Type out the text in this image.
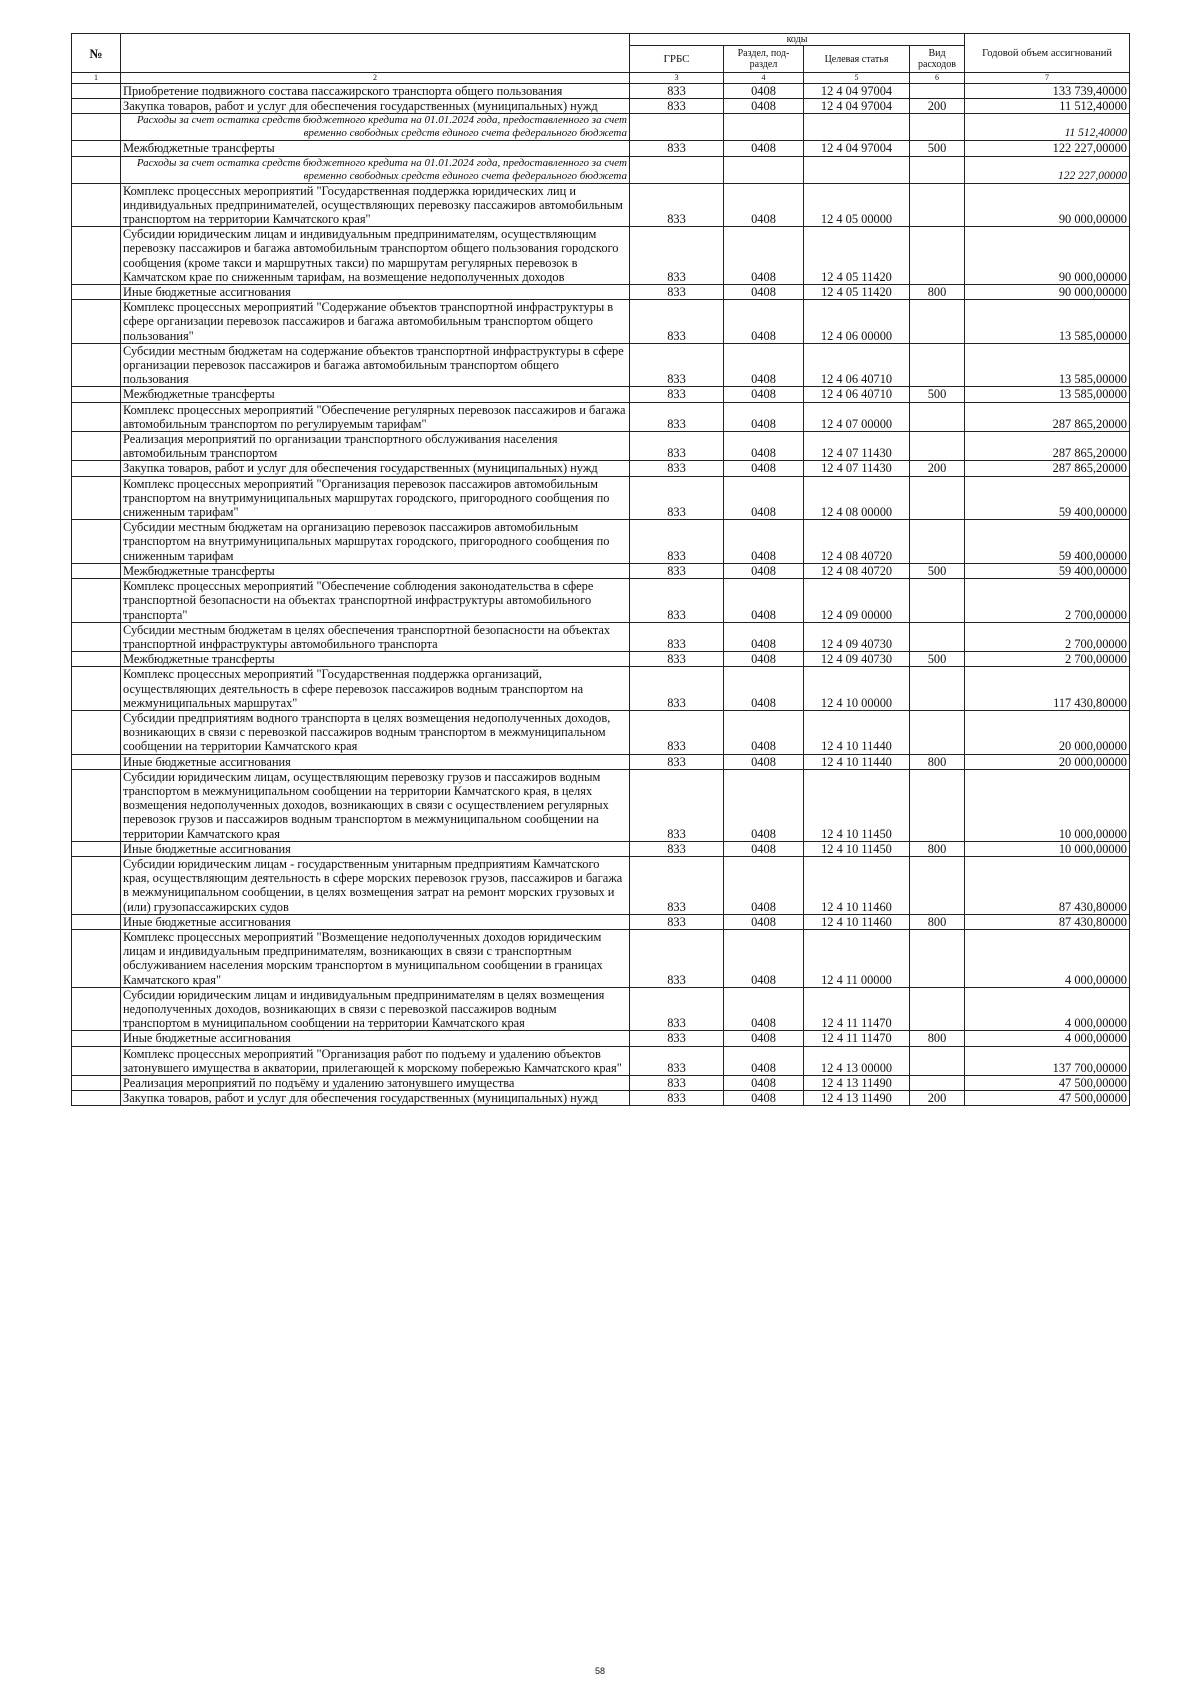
№		коды				Годовой объем ассигнований
		ГРБС	Раздел, под-раздел	Целевая статья	Вид расходов	
1	2	3	4	5	6	7
	Приобретение подвижного состава пассажирского транспорта общего пользования	833	0408	12 4 04 97004		133 739,40000
	Закупка товаров, работ и услуг для обеспечения государственных (муниципальных) нужд	833	0408	12 4 04 97004	200	11 512,40000
	Расходы за счет остатка средств бюджетного кредита на 01.01.2024 года, предоставленного за счет временно свободных средств единого счета федерального бюджета					11 512,40000
	Межбюджетные трансферты	833	0408	12 4 04 97004	500	122 227,00000
	Расходы за счет остатка средств бюджетного кредита на 01.01.2024 года, предоставленного за счет временно свободных средств единого счета федерального бюджета					122 227,00000
	Комплекс процессных мероприятий "Государственная поддержка юридических лиц и индивидуальных предпринимателей, осуществляющих перевозку пассажиров автомобильным транспортом на территории Камчатского края"	833	0408	12 4 05 00000		90 000,00000
	Субсидии юридическим лицам и индивидуальным предпринимателям, осуществляющим перевозку пассажиров и багажа автомобильным транспортом общего пользования городского сообщения (кроме такси и маршрутных такси) по маршрутам регулярных перевозок в Камчатском крае по сниженным тарифам, на возмещение недополученных доходов	833	0408	12 4 05 11420		90 000,00000
	Иные бюджетные ассигнования	833	0408	12 4 05 11420	800	90 000,00000
	Комплекс процессных мероприятий "Содержание объектов транспортной инфраструктуры в сфере организации перевозок пассажиров и багажа автомобильным транспортом общего пользования"	833	0408	12 4 06 00000		13 585,00000
	Субсидии местным бюджетам на содержание объектов транспортной инфраструктуры в сфере организации перевозок пассажиров и багажа автомобильным транспортом общего пользования	833	0408	12 4 06 40710		13 585,00000
	Межбюджетные трансферты	833	0408	12 4 06 40710	500	13 585,00000
	Комплекс процессных мероприятий "Обеспечение регулярных перевозок пассажиров и багажа автомобильным транспортом по регулируемым тарифам"	833	0408	12 4 07 00000		287 865,20000
	Реализация мероприятий по организации транспортного обслуживания населения автомобильным транспортом	833	0408	12 4 07 11430		287 865,20000
	Закупка товаров, работ и услуг для обеспечения государственных (муниципальных) нужд	833	0408	12 4 07 11430	200	287 865,20000
	Комплекс процессных мероприятий "Организация перевозок пассажиров автомобильным транспортом на внутримуниципальных маршрутах городского, пригородного сообщения по сниженным тарифам"	833	0408	12 4 08 00000		59 400,00000
	Субсидии местным бюджетам на организацию перевозок пассажиров автомобильным транспортом на внутримуниципальных маршрутах городского, пригородного сообщения по сниженным тарифам	833	0408	12 4 08 40720		59 400,00000
	Межбюджетные трансферты	833	0408	12 4 08 40720	500	59 400,00000
	Комплекс процессных мероприятий "Обеспечение соблюдения законодательства в сфере транспортной безопасности на объектах транспортной инфраструктуры автомобильного транспорта"	833	0408	12 4 09 00000		2 700,00000
	Субсидии местным бюджетам в целях обеспечения транспортной безопасности на объектах транспортной инфраструктуры автомобильного транспорта	833	0408	12 4 09 40730		2 700,00000
	Межбюджетные трансферты	833	0408	12 4 09 40730	500	2 700,00000
	Комплекс процессных мероприятий "Государственная поддержка организаций, осуществляющих деятельность в сфере перевозок пассажиров водным транспортом на межмуниципальных маршрутах"	833	0408	12 4 10 00000		117 430,80000
	Субсидии предприятиям водного транспорта в целях возмещения недополученных доходов, возникающих в связи с перевозкой пассажиров водным транспортом в межмуниципальном сообщении на территории Камчатского края	833	0408	12 4 10 11440		20 000,00000
	Иные бюджетные ассигнования	833	0408	12 4 10 11440	800	20 000,00000
	Субсидии юридическим лицам, осуществляющим перевозку грузов и пассажиров водным транспортом в межмуниципальном сообщении на территории Камчатского края, в целях возмещения недополученных доходов, возникающих в связи с осуществлением регулярных перевозок грузов и пассажиров водным транспортом в межмуниципальном сообщении на территории Камчатского края	833	0408	12 4 10 11450		10 000,00000
	Иные бюджетные ассигнования	833	0408	12 4 10 11450	800	10 000,00000
	Субсидии юридическим лицам - государственным унитарным предприятиям Камчатского края, осуществляющим деятельность в сфере морских перевозок грузов, пассажиров и багажа в межмуниципальном сообщении, в целях возмещения затрат на ремонт морских грузовых и (или) грузопассажирских судов	833	0408	12 4 10 11460		87 430,80000
	Иные бюджетные ассигнования	833	0408	12 4 10 11460	800	87 430,80000
	Комплекс процессных мероприятий "Возмещение недополученных доходов юридическим лицам и индивидуальным предпринимателям, возникающих в связи с транспортным обслуживанием населения морским транспортом в муниципальном сообщении в границах Камчатского края"	833	0408	12 4 11 00000		4 000,00000
	Субсидии юридическим лицам и индивидуальным предпринимателям в целях возмещения недополученных доходов, возникающих в связи с перевозкой пассажиров водным транспортом в муниципальном сообщении на территории Камчатского края	833	0408	12 4 11 11470		4 000,00000
	Иные бюджетные ассигнования	833	0408	12 4 11 11470	800	4 000,00000
	Комплекс процессных мероприятий "Организация работ по подъему и удалению объектов затонувшего имущества в акватории, прилегающей к морскому побережью Камчатского края"	833	0408	12 4 13 00000		137 700,00000
	Реализация мероприятий по подъёму и удалению затонувшего имущества	833	0408	12 4 13 11490		47 500,00000
	Закупка товаров, работ и услуг для обеспечения государственных (муниципальных) нужд	833	0408	12 4 13 11490	200	47 500,00000
58
